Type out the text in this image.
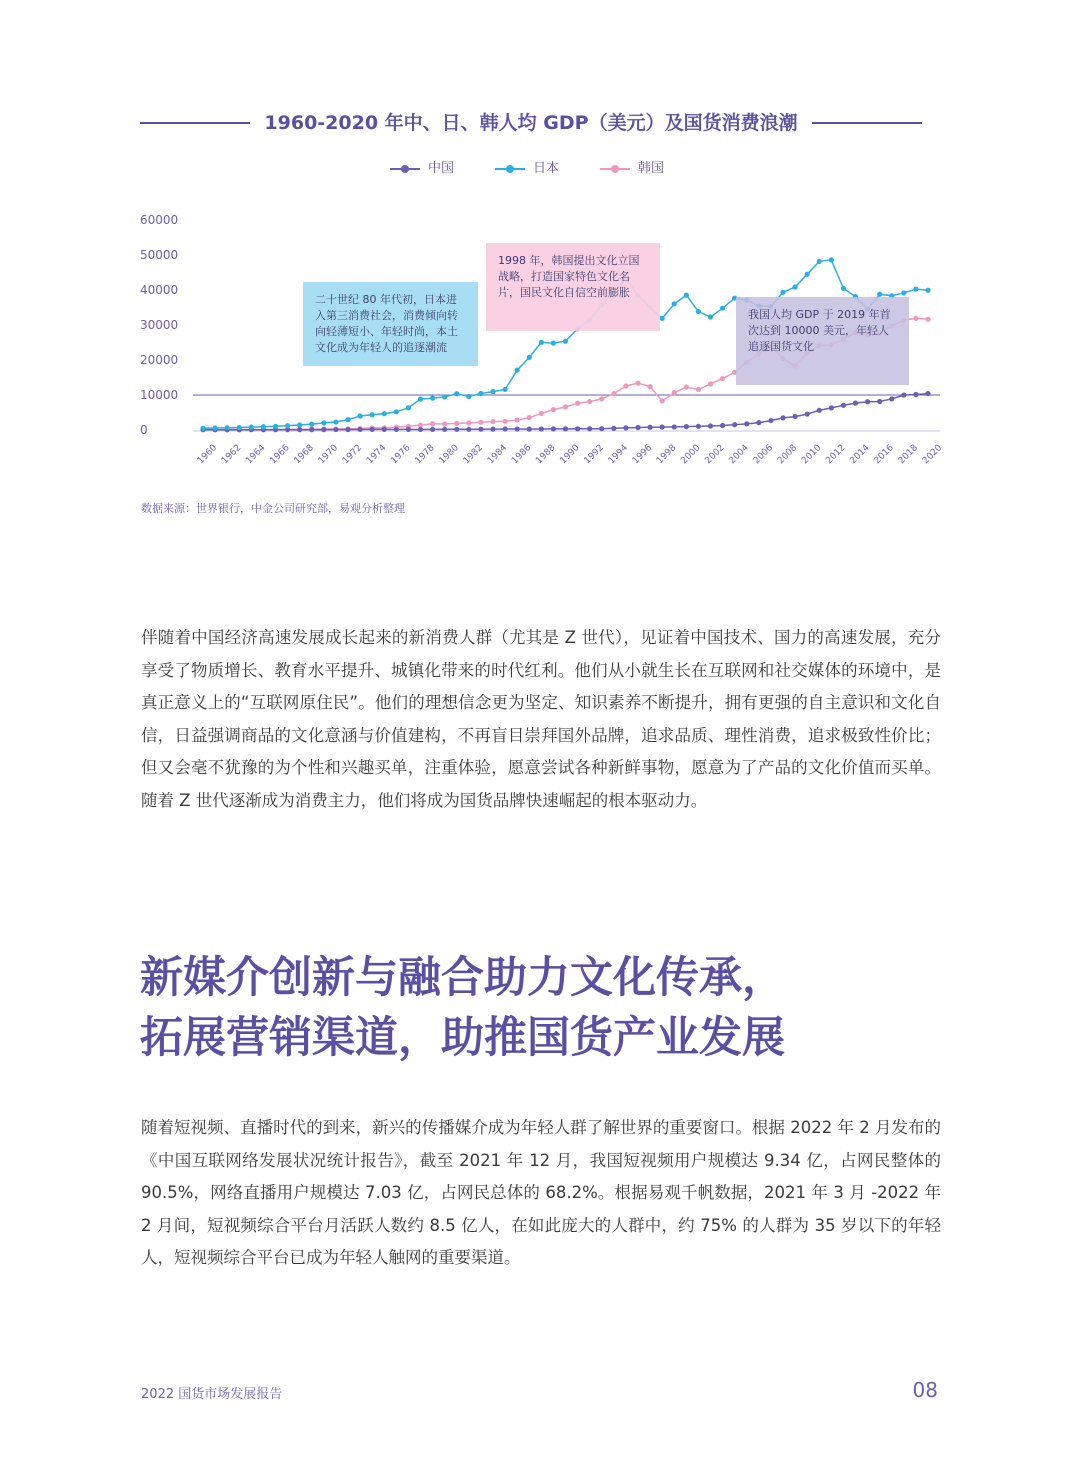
1960-2020 年中、日、韩人均 GDP（美元）及国货消费浪潮
中国	日本	韩国
0
10000
20000
30000
40000
50000
60000
1960 1962 1964 1966 1968 1970 1972 1974 1976 1978 1980 1982 1984 1986 1988 1990 1992 1994 1996 1998 2000 2002 2004 2006 2008 2010 2012 2014 2016 2018 2020
二十世纪 80 年代初，日本进入第三消费社会，消费倾向转向轻薄短小、年轻时尚，本土文化成为年轻人的追逐潮流
1998 年，韩国提出文化立国战略，打造国家特色文化名片，国民文化自信空前膨胀
我国人均 GDP 于 2019 年首次达到 10000 美元，年轻人追逐国货文化
数据来源：世界银行，中金公司研究部，易观分析整理

伴随着中国经济高速发展成长起来的新消费人群（尤其是 Z 世代），见证着中国技术、国力的高速发展，充分享受了物质增长、教育水平提升、城镇化带来的时代红利。他们从小就生长在互联网和社交媒体的环境中，是真正意义上的“互联网原住民”。他们的理想信念更为坚定、知识素养不断提升，拥有更强的自主意识和文化自信，日益强调商品的文化意涵与价值建构，不再盲目崇拜国外品牌，追求品质、理性消费，追求极致性价比；但又会毫不犹豫的为个性和兴趣买单，注重体验，愿意尝试各种新鲜事物，愿意为了产品的文化价值而买单。随着 Z 世代逐渐成为消费主力，他们将成为国货品牌快速崛起的根本驱动力。

新媒介创新与融合助力文化传承，
拓展营销渠道，助推国货产业发展

随着短视频、直播时代的到来，新兴的传播媒介成为年轻人群了解世界的重要窗口。根据 2022 年 2 月发布的《中国互联网络发展状况统计报告》，截至 2021 年 12 月，我国短视频用户规模达 9.34 亿，占网民整体的 90.5%，网络直播用户规模达 7.03 亿，占网民总体的 68.2%。根据易观千帆数据，2021 年 3 月 -2022 年 2 月间，短视频综合平台月活跃人数约 8.5 亿人，在如此庞大的人群中，约 75% 的人群为 35 岁以下的年轻人，短视频综合平台已成为年轻人触网的重要渠道。

2022 国货市场发展报告	08
